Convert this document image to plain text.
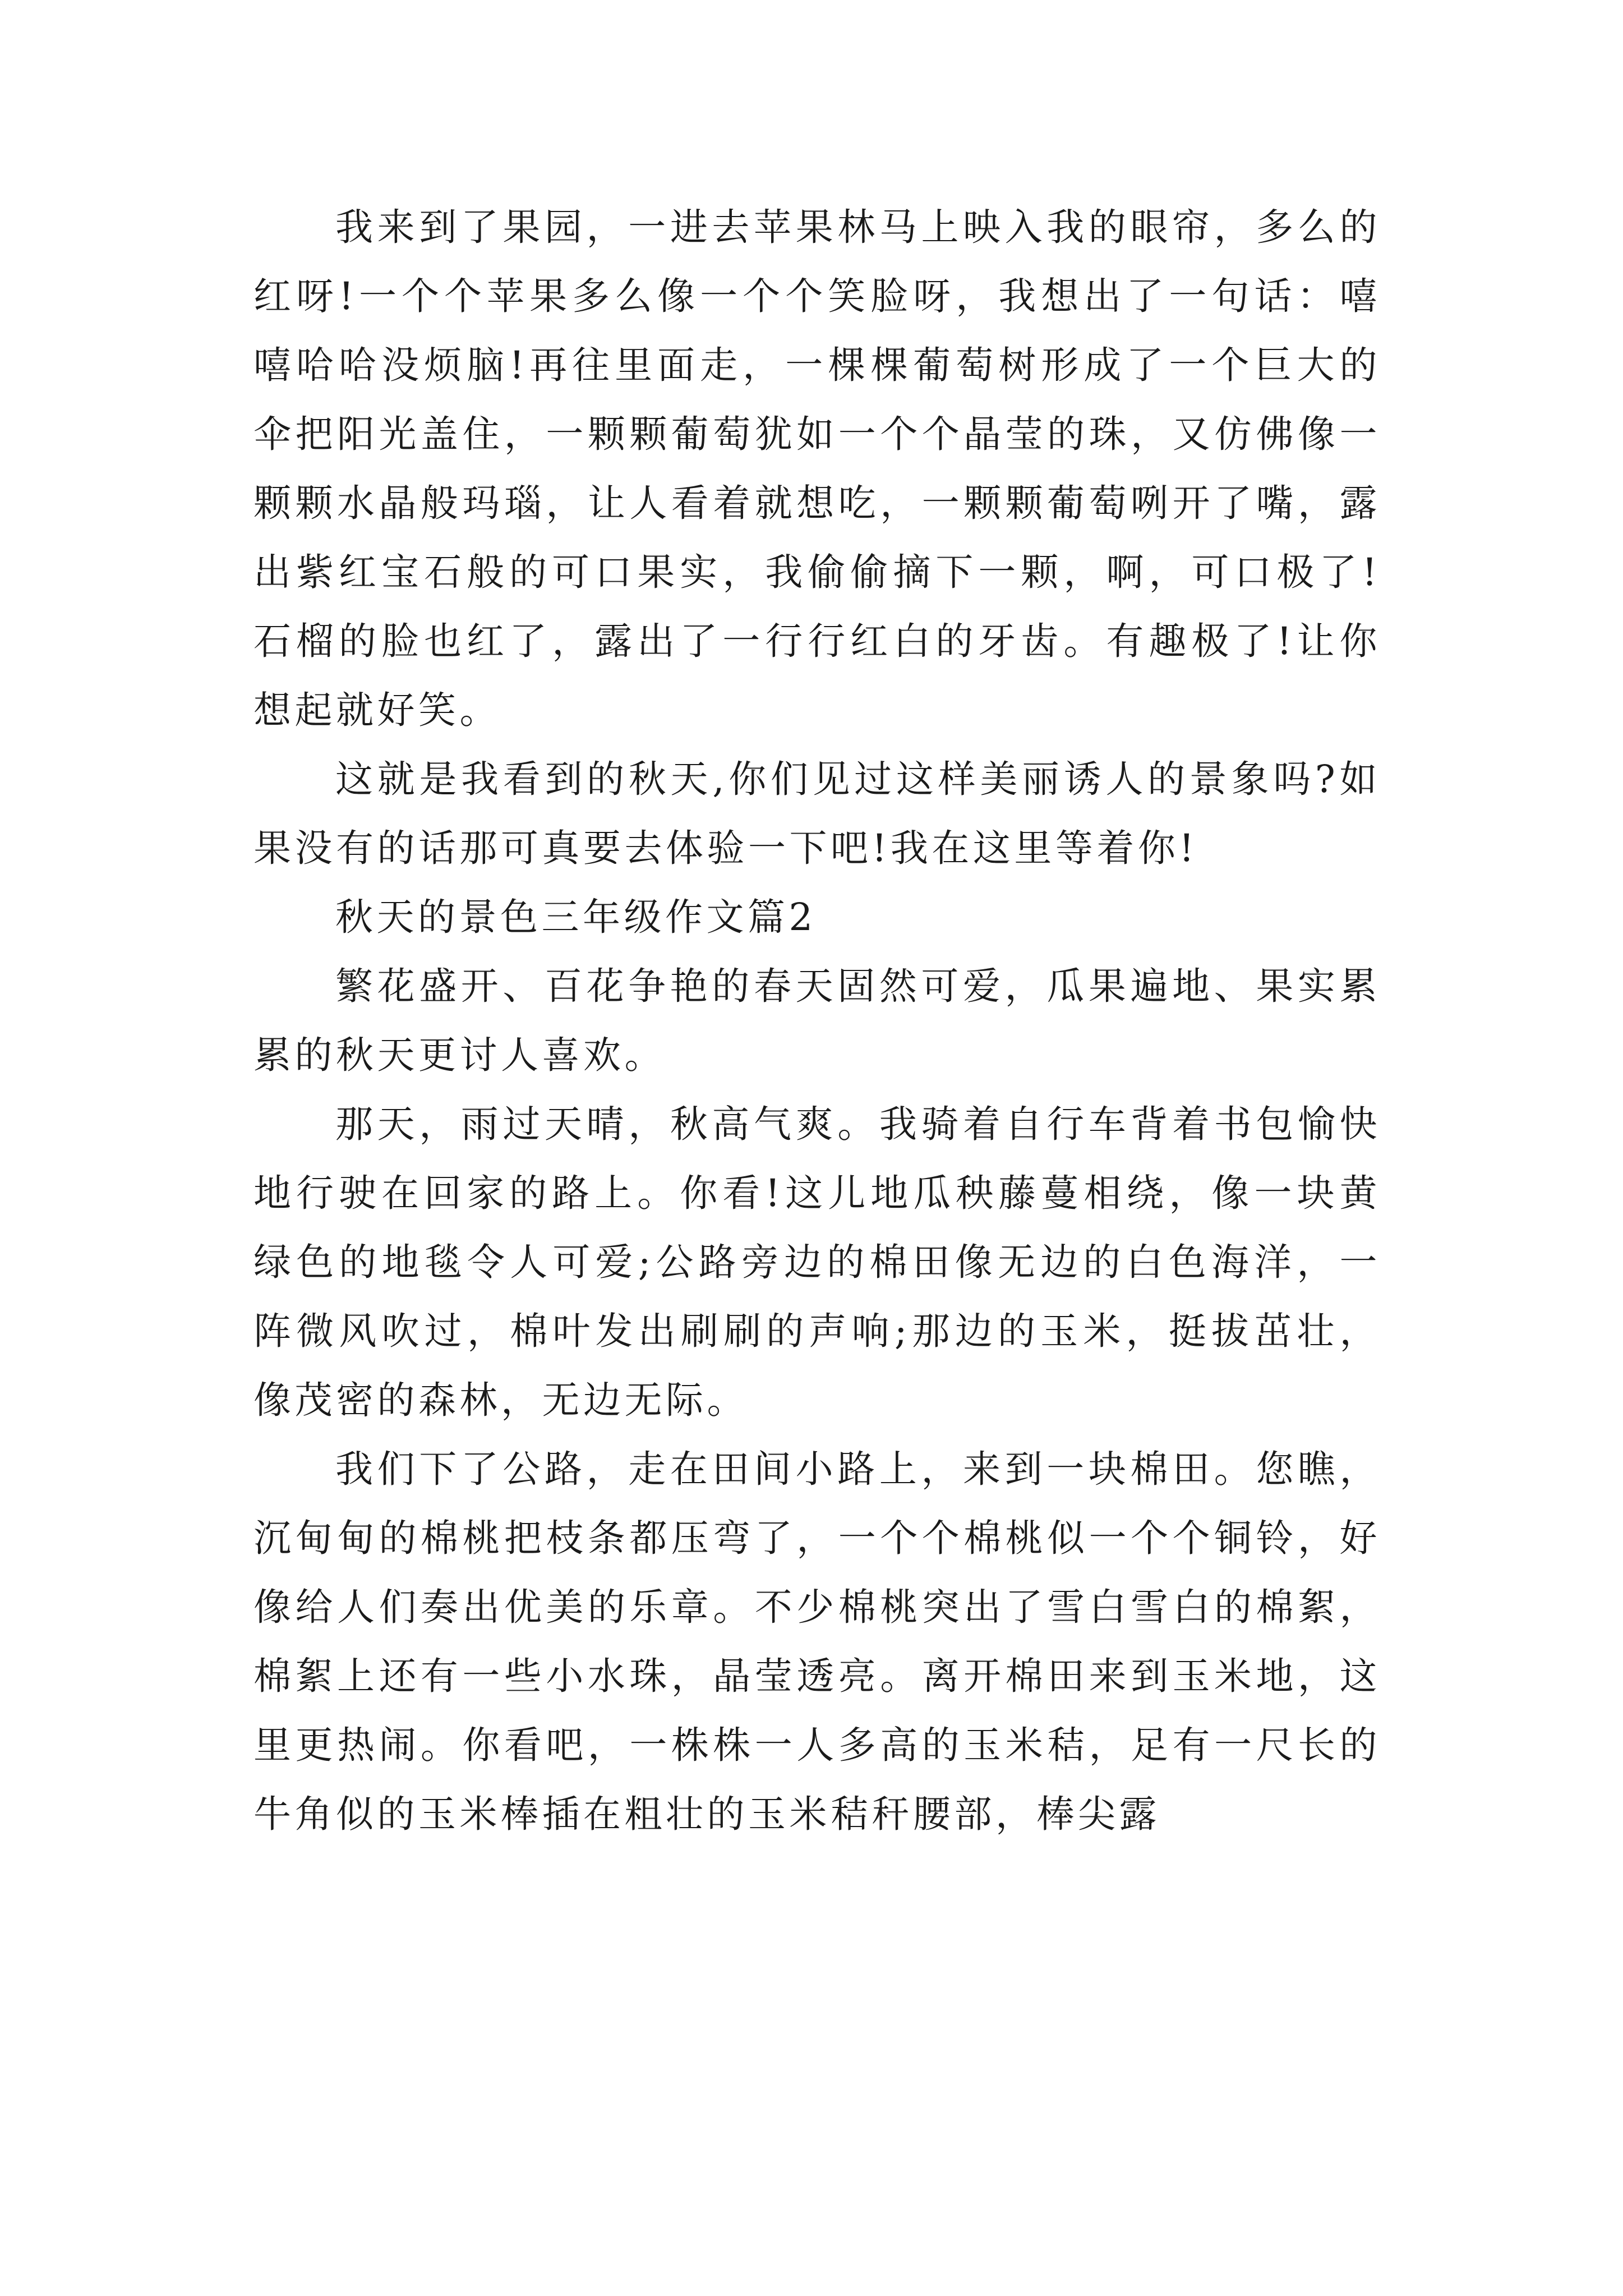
我来到了果园，一进去苹果林马上映入我的眼帘，多么的红呀!一个个苹果多么像一个个笑脸呀，我想出了一句话：嘻嘻哈哈没烦脑!再往里面走，一棵棵葡萄树形成了一个巨大的伞把阳光盖住，一颗颗葡萄犹如一个个晶莹的珠，又仿佛像一颗颗水晶般玛瑙，让人看着就想吃，一颗颗葡萄咧开了嘴，露出紫红宝石般的可口果实，我偷偷摘下一颗，啊，可口极了!石榴的脸也红了，露出了一行行红白的牙齿。有趣极了!让你想起就好笑。

这就是我看到的秋天,你们见过这样美丽诱人的景象吗?如果没有的话那可真要去体验一下吧!我在这里等着你!

秋天的景色三年级作文篇2

繁花盛开、百花争艳的春天固然可爱，瓜果遍地、果实累累的秋天更讨人喜欢。

那天，雨过天晴，秋高气爽。我骑着自行车背着书包愉快地行驶在回家的路上。你看!这儿地瓜秧藤蔓相绕，像一块黄绿色的地毯令人可爱;公路旁边的棉田像无边的白色海洋，一阵微风吹过，棉叶发出刷刷的声响;那边的玉米，挺拔茁壮，像茂密的森林，无边无际。

我们下了公路，走在田间小路上，来到一块棉田。您瞧，沉甸甸的棉桃把枝条都压弯了，一个个棉桃似一个个铜铃，好像给人们奏出优美的乐章。不少棉桃突出了雪白雪白的棉絮，棉絮上还有一些小水珠，晶莹透亮。离开棉田来到玉米地，这里更热闹。你看吧，一株株一人多高的玉米秸，足有一尺长的牛角似的玉米棒插在粗壮的玉米秸秆腰部，棒尖露
